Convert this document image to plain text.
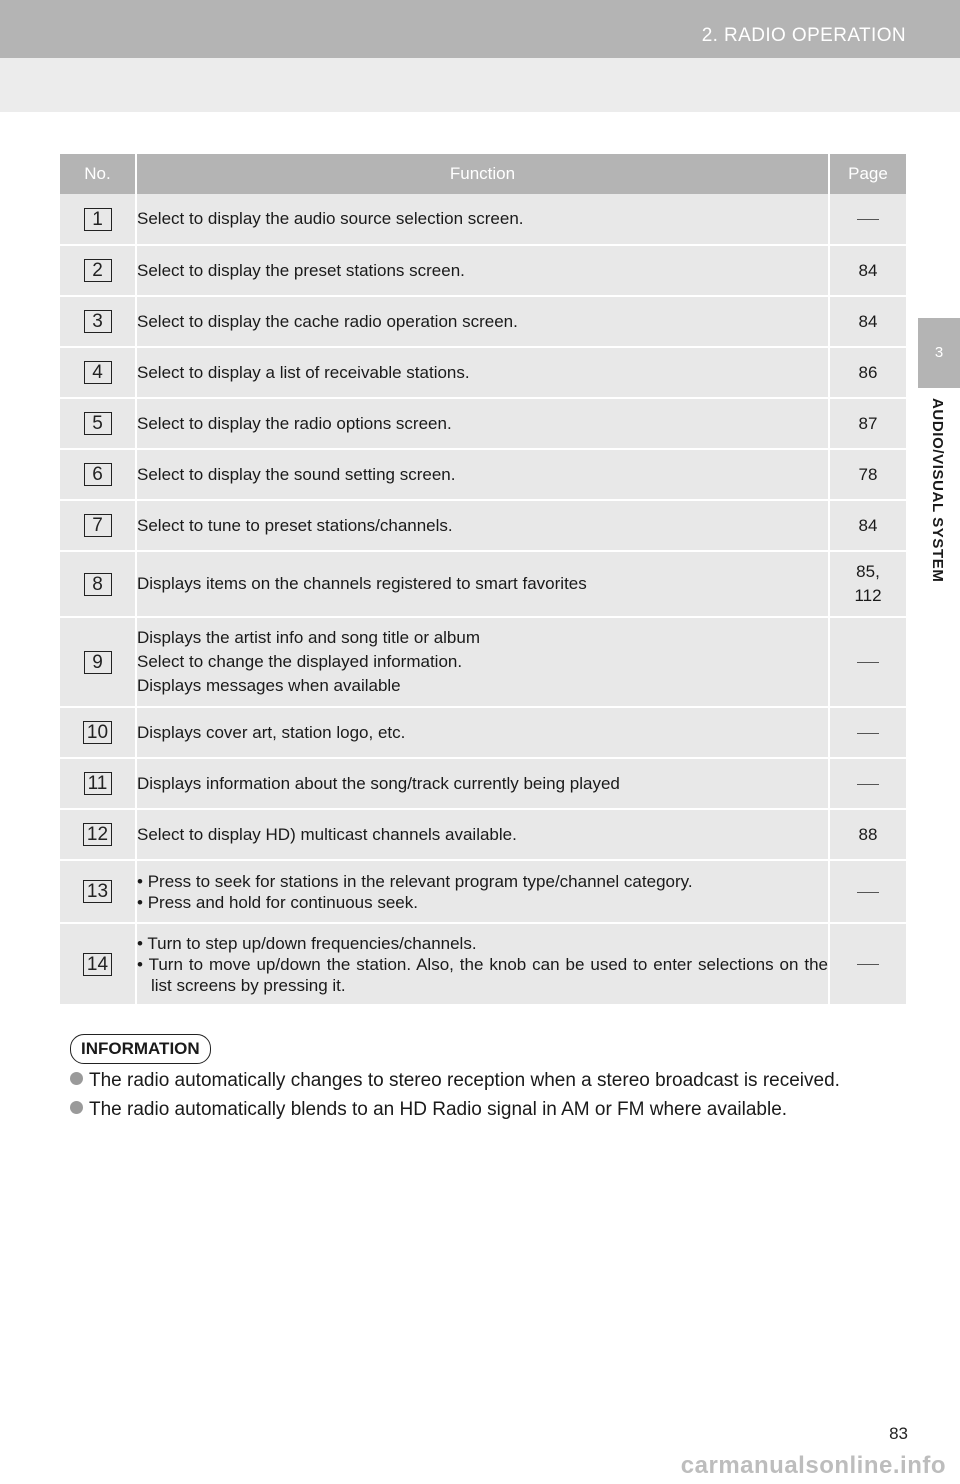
2. RADIO OPERATION
3
AUDIO/VISUAL SYSTEM
No.	Function	Page
1	Select to display the audio source selection screen.	

2	Select to display the preset stations screen.	84
3	Select to display the cache radio operation screen.	84
4	Select to display a list of receivable stations.	86
5	Select to display the radio options screen.	87
6	Select to display the sound setting screen.	78
7	Select to tune to preset stations/channels.	84
8	Displays items on the channels registered to smart favorites	85,
112
9	Displays the artist info and song title or album
Select to change the displayed information.
Displays messages when available	

10	Displays cover art, station logo, etc.	

11	Displays information about the song/track currently being played	

12	Select to display HD) multicast channels available.	88
13	• Press to seek for stations in the relevant program type/channel category.
• Press and hold for continuous seek.	

14	• Turn to step up/down frequencies/channels.
• Turn to move up/down the station. Also, the knob can be used to enter selections on the list screens by pressing it.	

INFORMATION
The radio automatically changes to stereo reception when a stereo broadcast is received.
The radio automatically blends to an HD Radio signal in AM or FM where available.
83
carmanualsonline.info
